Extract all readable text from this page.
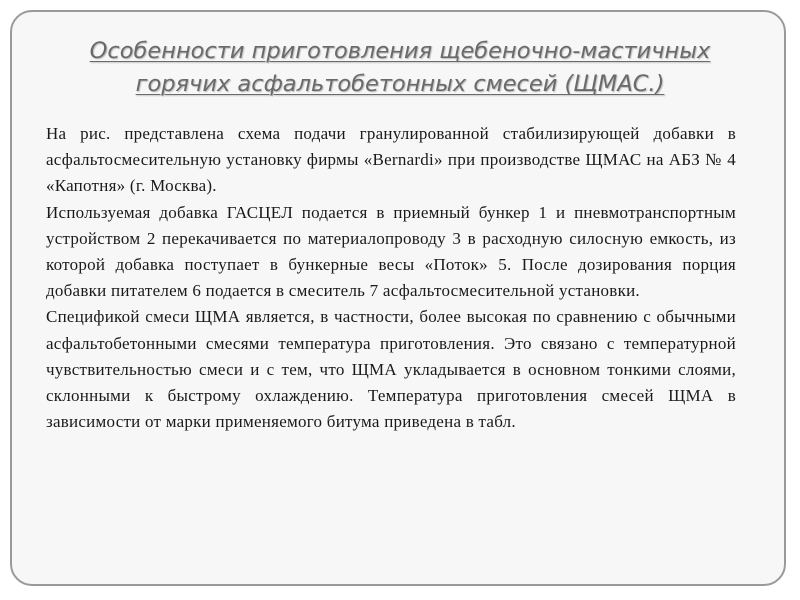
Особенности приготовления щебеночно-мастичных
горячих асфальтобетонных смесей (ЩМАС.)

На рис. представлена схема подачи гранулированной стабилизирующей добавки в асфальтосмесительную установку фирмы «Bernardi» при производстве ЩМАС на АБЗ № 4 «Капотня» (г. Москва).

Используемая добавка ГАСЦЕЛ подается в приемный бункер 1 и пневмотранспортным устройством 2 перекачивается по материалопроводу 3 в расходную силосную емкость, из которой добавка поступает в бункерные весы «Поток» 5. После дозирования порция добавки питателем 6 подается в смеситель 7 асфальтосмесительной установки.

Спецификой смеси ЩМА является, в частности, более высокая по сравнению с обычными асфальтобетонными смесями температура приготовления. Это связано с температурной чувствительностью смеси и с тем, что ЩМА укладывается в основном тонкими слоями, склонными к быстрому охлаждению. Температура приготовления смесей ЩМА в зависимости от марки применяемого битума приведена в табл.
